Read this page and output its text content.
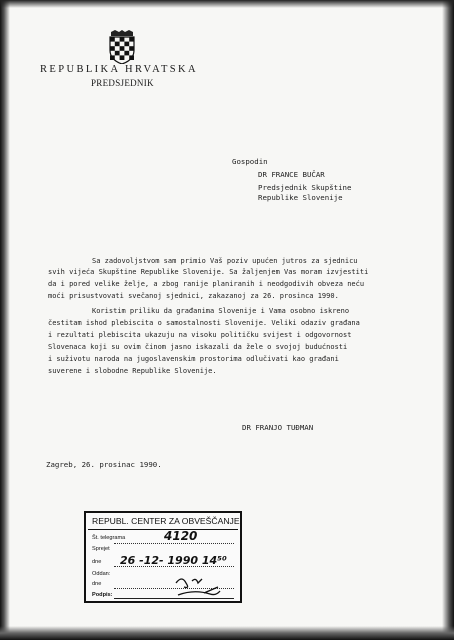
REPUBLIKA HRVATSKA
PREDSJEDNIK
Gospodin
DR FRANCE BUČAR
Predsjednik Skupštine
Republike Slovenije
Sa zadovoljstvom sam primio Vaš poziv upućen jutros za sjednicu
svih vijeća Skupštine Republike Slovenije. Sa žaljenjem Vas moram izvjestiti
da i pored velike želje, a zbog ranije planiranih i neodgodivih obveza neću
moći prisustvovati svečanoj sjednici, zakazanoj za 26. prosinca 1990.
Koristim priliku da građanima Slovenije i Vama osobno iskreno
čestitam ishod plebiscita o samostalnosti Slovenije. Veliki odaziv građana
i rezultati plebiscita ukazuju na visoku političku svijest i odgovornost
Slovenaca koji su ovim činom jasno iskazali da žele o svojoj budućnosti
i suživotu naroda na jugoslavenskim prostorima odlučivati kao građani
suverene i slobodne Republike Slovenije.
DR FRANJO TUĐMAN
Zagreb, 26. prosinac 1990.
REPUBL. CENTER ZA OBVEŠČANJE
Št. telegrama	4120
Sprejet
dne 26 -12- 1990 14⁵⁰
Oddan:
dne
Podpis:
